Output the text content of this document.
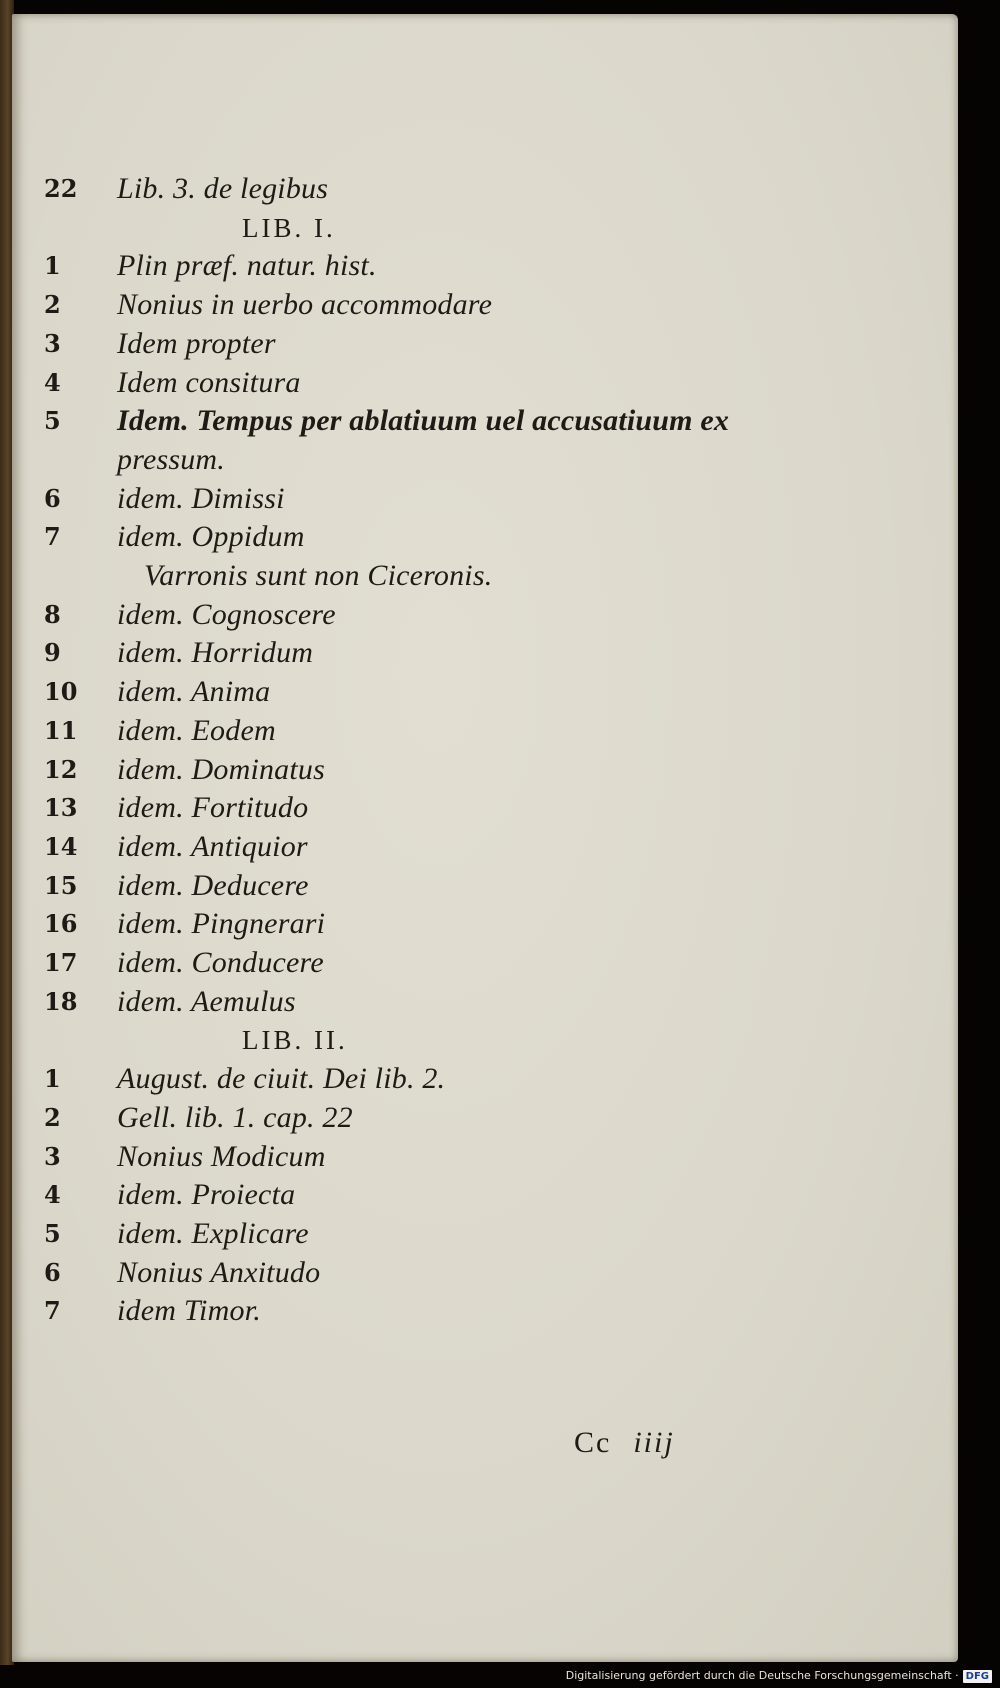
22	Lib. 3. de legibus
LIB. I.
1	Plin præf. natur. hist.
2	Nonius in uerbo accommodare
3	Idem propter
4	Idem consitura
5	Idem. Tempus per ablatiuum uel accusatiuum ex
pressum.
6	idem. Dimissi
7	idem. Oppidum
Varronis sunt non Ciceronis.
8	idem. Cognoscere
9	idem. Horridum
10	idem. Anima
11	idem. Eodem
12	idem. Dominatus
13	idem. Fortitudo
14	idem. Antiquior
15	idem. Deducere
16	idem. Pingnerari
17	idem. Conducere
18	idem. Aemulus
LIB. II.
1	August. de ciuit. Dei lib. 2.
2	Gell. lib. 1. cap. 22
3	Nonius Modicum
4	idem. Proiecta
5	idem. Explicare
6	Nonius Anxitudo
7	idem Timor.
Cc iiij
Digitalisierung gefördert durch die Deutsche Forschungsgemeinschaft · DFG
